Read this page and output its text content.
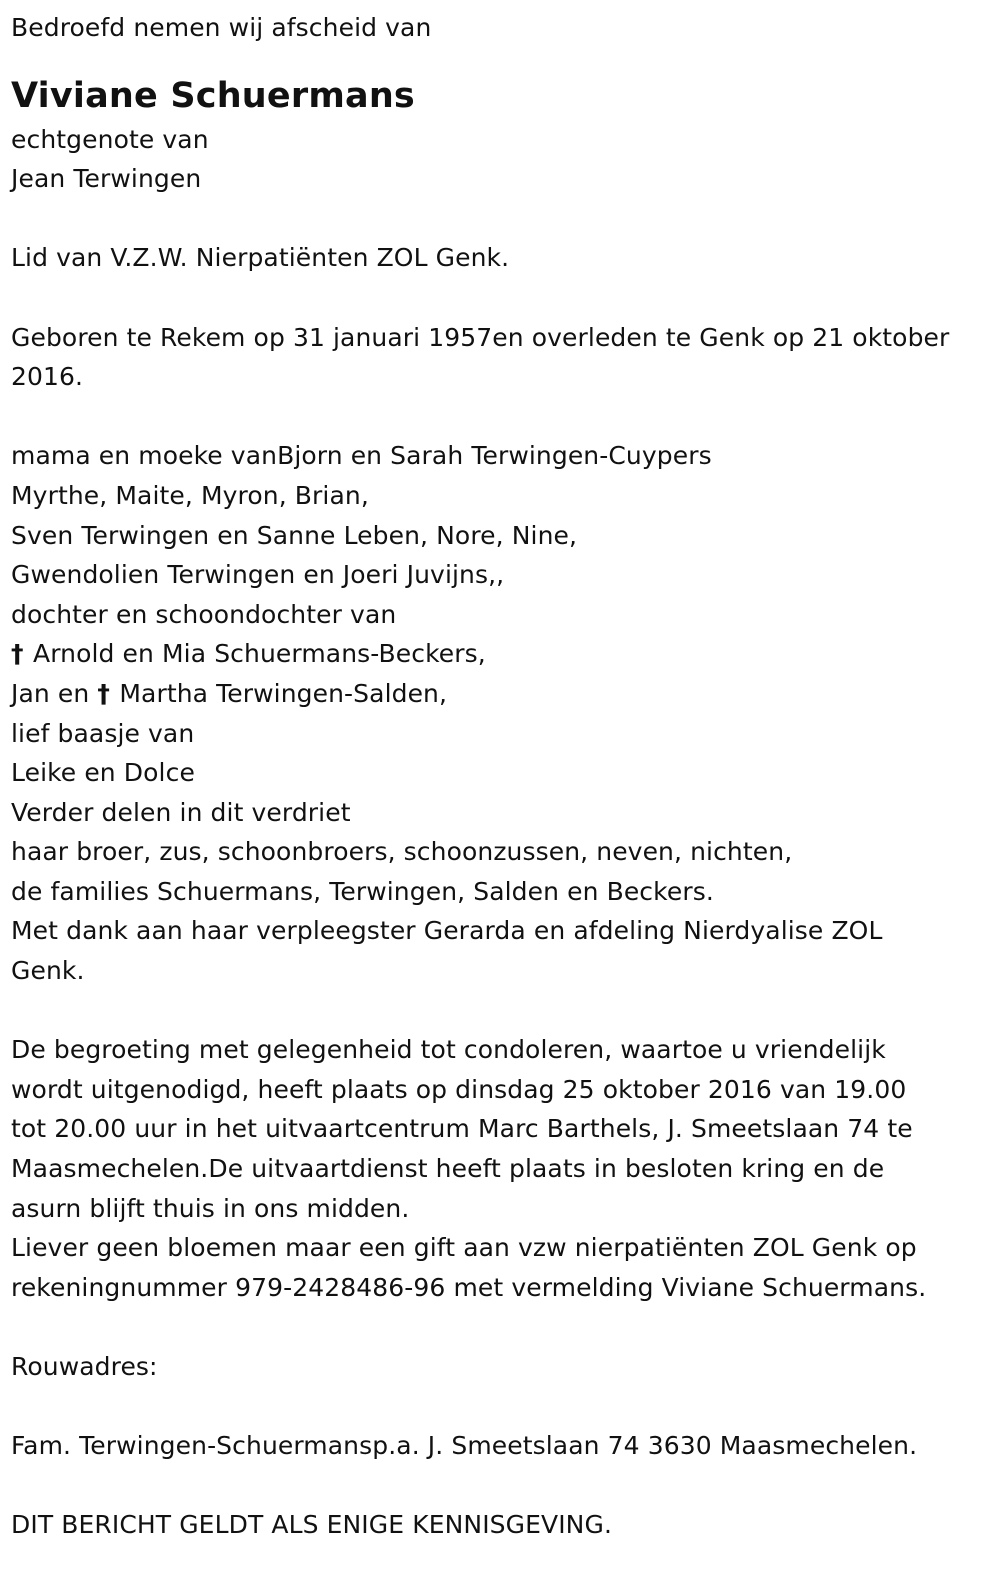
Bedroefd nemen wij afscheid van

Viviane Schuermans

echtgenote van

Jean Terwingen

Lid van V.Z.W. Nierpatiënten ZOL Genk.

Geboren te Rekem op 31 januari 1957en overleden te Genk op 21 oktober

2016.

mama en moeke vanBjorn en Sarah Terwingen-Cuypers

Myrthe, Maite, Myron, Brian,

Sven Terwingen en Sanne Leben, Nore, Nine,

Gwendolien Terwingen en Joeri Juvijns,,

dochter en schoondochter van

† Arnold en Mia Schuermans-Beckers,

Jan en † Martha Terwingen-Salden,

lief baasje van

Leike en Dolce

Verder delen in dit verdriet

haar broer, zus, schoonbroers, schoonzussen, neven, nichten,

de families Schuermans, Terwingen, Salden en Beckers.

Met dank aan haar verpleegster Gerarda en afdeling Nierdyalise ZOL

Genk.

De begroeting met gelegenheid tot condoleren, waartoe u vriendelijk

wordt uitgenodigd, heeft plaats op dinsdag 25 oktober 2016 van 19.00

tot 20.00 uur in het uitvaartcentrum Marc Barthels, J. Smeetslaan 74 te

Maasmechelen.De uitvaartdienst heeft plaats in besloten kring en de

asurn blijft thuis in ons midden.

Liever geen bloemen maar een gift aan vzw nierpatiënten ZOL Genk op

rekeningnummer 979-2428486-96 met vermelding Viviane Schuermans.

Rouwadres:

Fam. Terwingen-Schuermansp.a. J. Smeetslaan 74 3630 Maasmechelen.

DIT BERICHT GELDT ALS ENIGE KENNISGEVING.
